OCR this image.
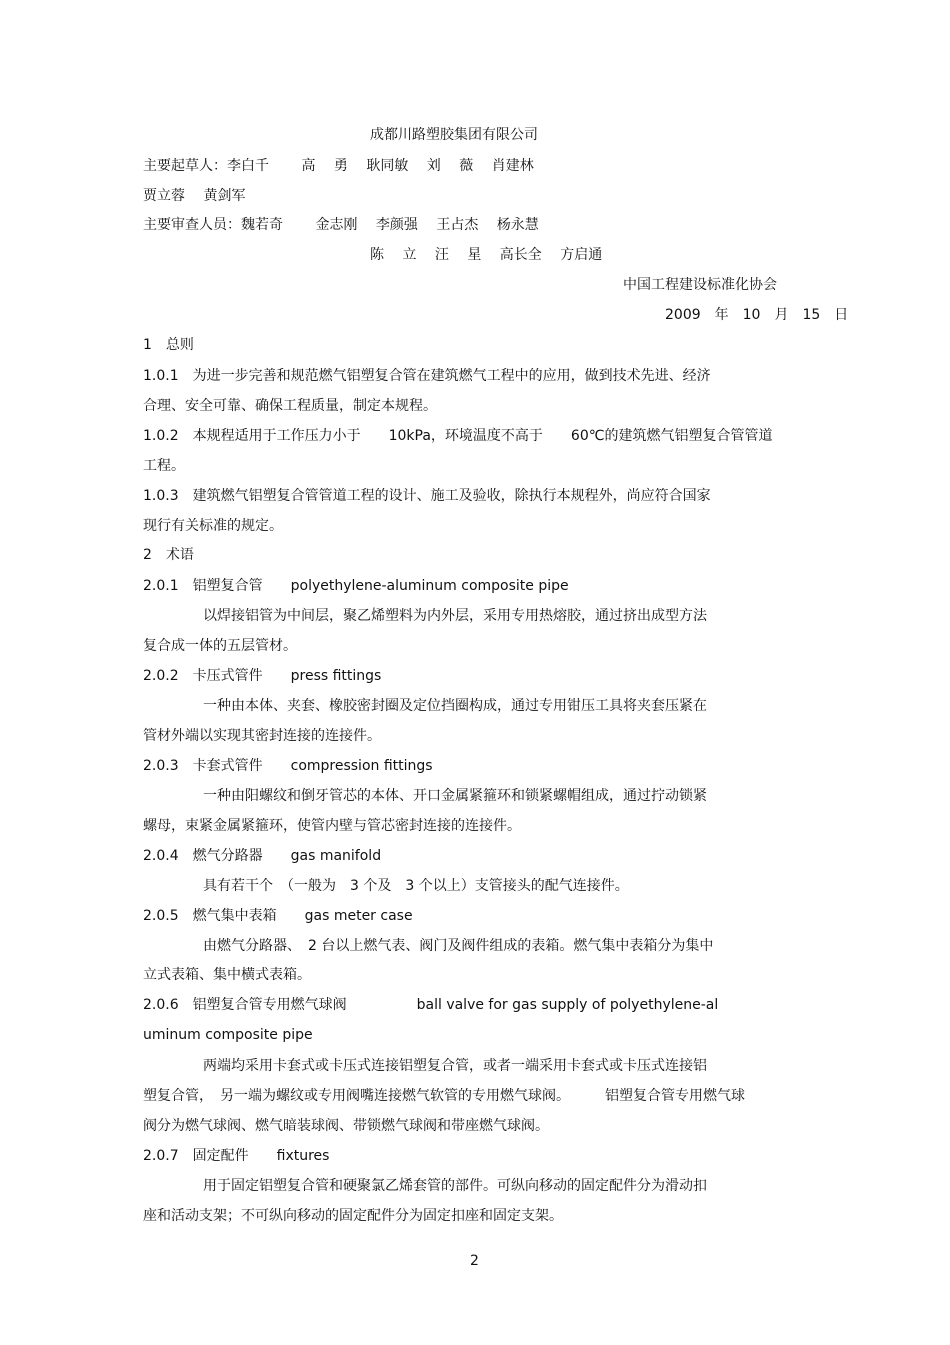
成都川路塑胶集团有限公司
主要起草人：李白千　　 高　 勇　 耿同敏　 刘　 薇　 肖建林
贾立蓉　 黄剑军
主要审查人员：魏若奇　　 金志刚　 李颜强　 王占杰　 杨永慧
陈　 立　 汪　 星　 高长全　 方启通
中国工程建设标准化协会
2009　年　10　月　15　日
1　总则
1.0.1　为进一步完善和规范燃气铝塑复合管在建筑燃气工程中的应用，做到技术先进、经济
合理、安全可靠、确保工程质量，制定本规程。
1.0.2　本规程适用于工作压力小于　　10kPa，环境温度不高于　　60℃的建筑燃气铝塑复合管管道
工程。
1.0.3　建筑燃气铝塑复合管管道工程的设计、施工及验收，除执行本规程外，尚应符合国家
现行有关标准的规定。
2　术语
2.0.1　铝塑复合管　　polyethylene-aluminum composite pipe
以焊接铝管为中间层，聚乙烯塑料为内外层，采用专用热熔胶，通过挤出成型方法
复合成一体的五层管材。
2.0.2　卡压式管件　　press fittings
一种由本体、夹套、橡胶密封圈及定位挡圈构成，通过专用钳压工具将夹套压紧在
管材外端以实现其密封连接的连接件。
2.0.3　卡套式管件　　compression fittings
一种由阳螺纹和倒牙管芯的本体、开口金属紧箍环和锁紧螺帽组成，通过拧动锁紧
螺母，束紧金属紧箍环，使管内壁与管芯密封连接的连接件。
2.0.4　燃气分路器　　gas manifold
具有若干个　（一般为　3 个及　3 个以上）支管接头的配气连接件。
2.0.5　燃气集中表箱　　gas meter case
由燃气分路器、　2 台以上燃气表、阀门及阀件组成的表箱。燃气集中表箱分为集中
立式表箱、集中横式表箱。
2.0.6　铝塑复合管专用燃气球阀　　　　　ball valve for gas supply of polyethylene-al
uminum composite pipe
两端均采用卡套式或卡压式连接铝塑复合管，或者一端采用卡套式或卡压式连接铝
塑复合管，　另一端为螺纹或专用阀嘴连接燃气软管的专用燃气球阀。　　　铝塑复合管专用燃气球
阀分为燃气球阀、燃气暗装球阀、带锁燃气球阀和带座燃气球阀。
2.0.7　固定配件　　fixtures
用于固定铝塑复合管和硬聚氯乙烯套管的部件。可纵向移动的固定配件分为滑动扣
座和活动支架；不可纵向移动的固定配件分为固定扣座和固定支架。
2
